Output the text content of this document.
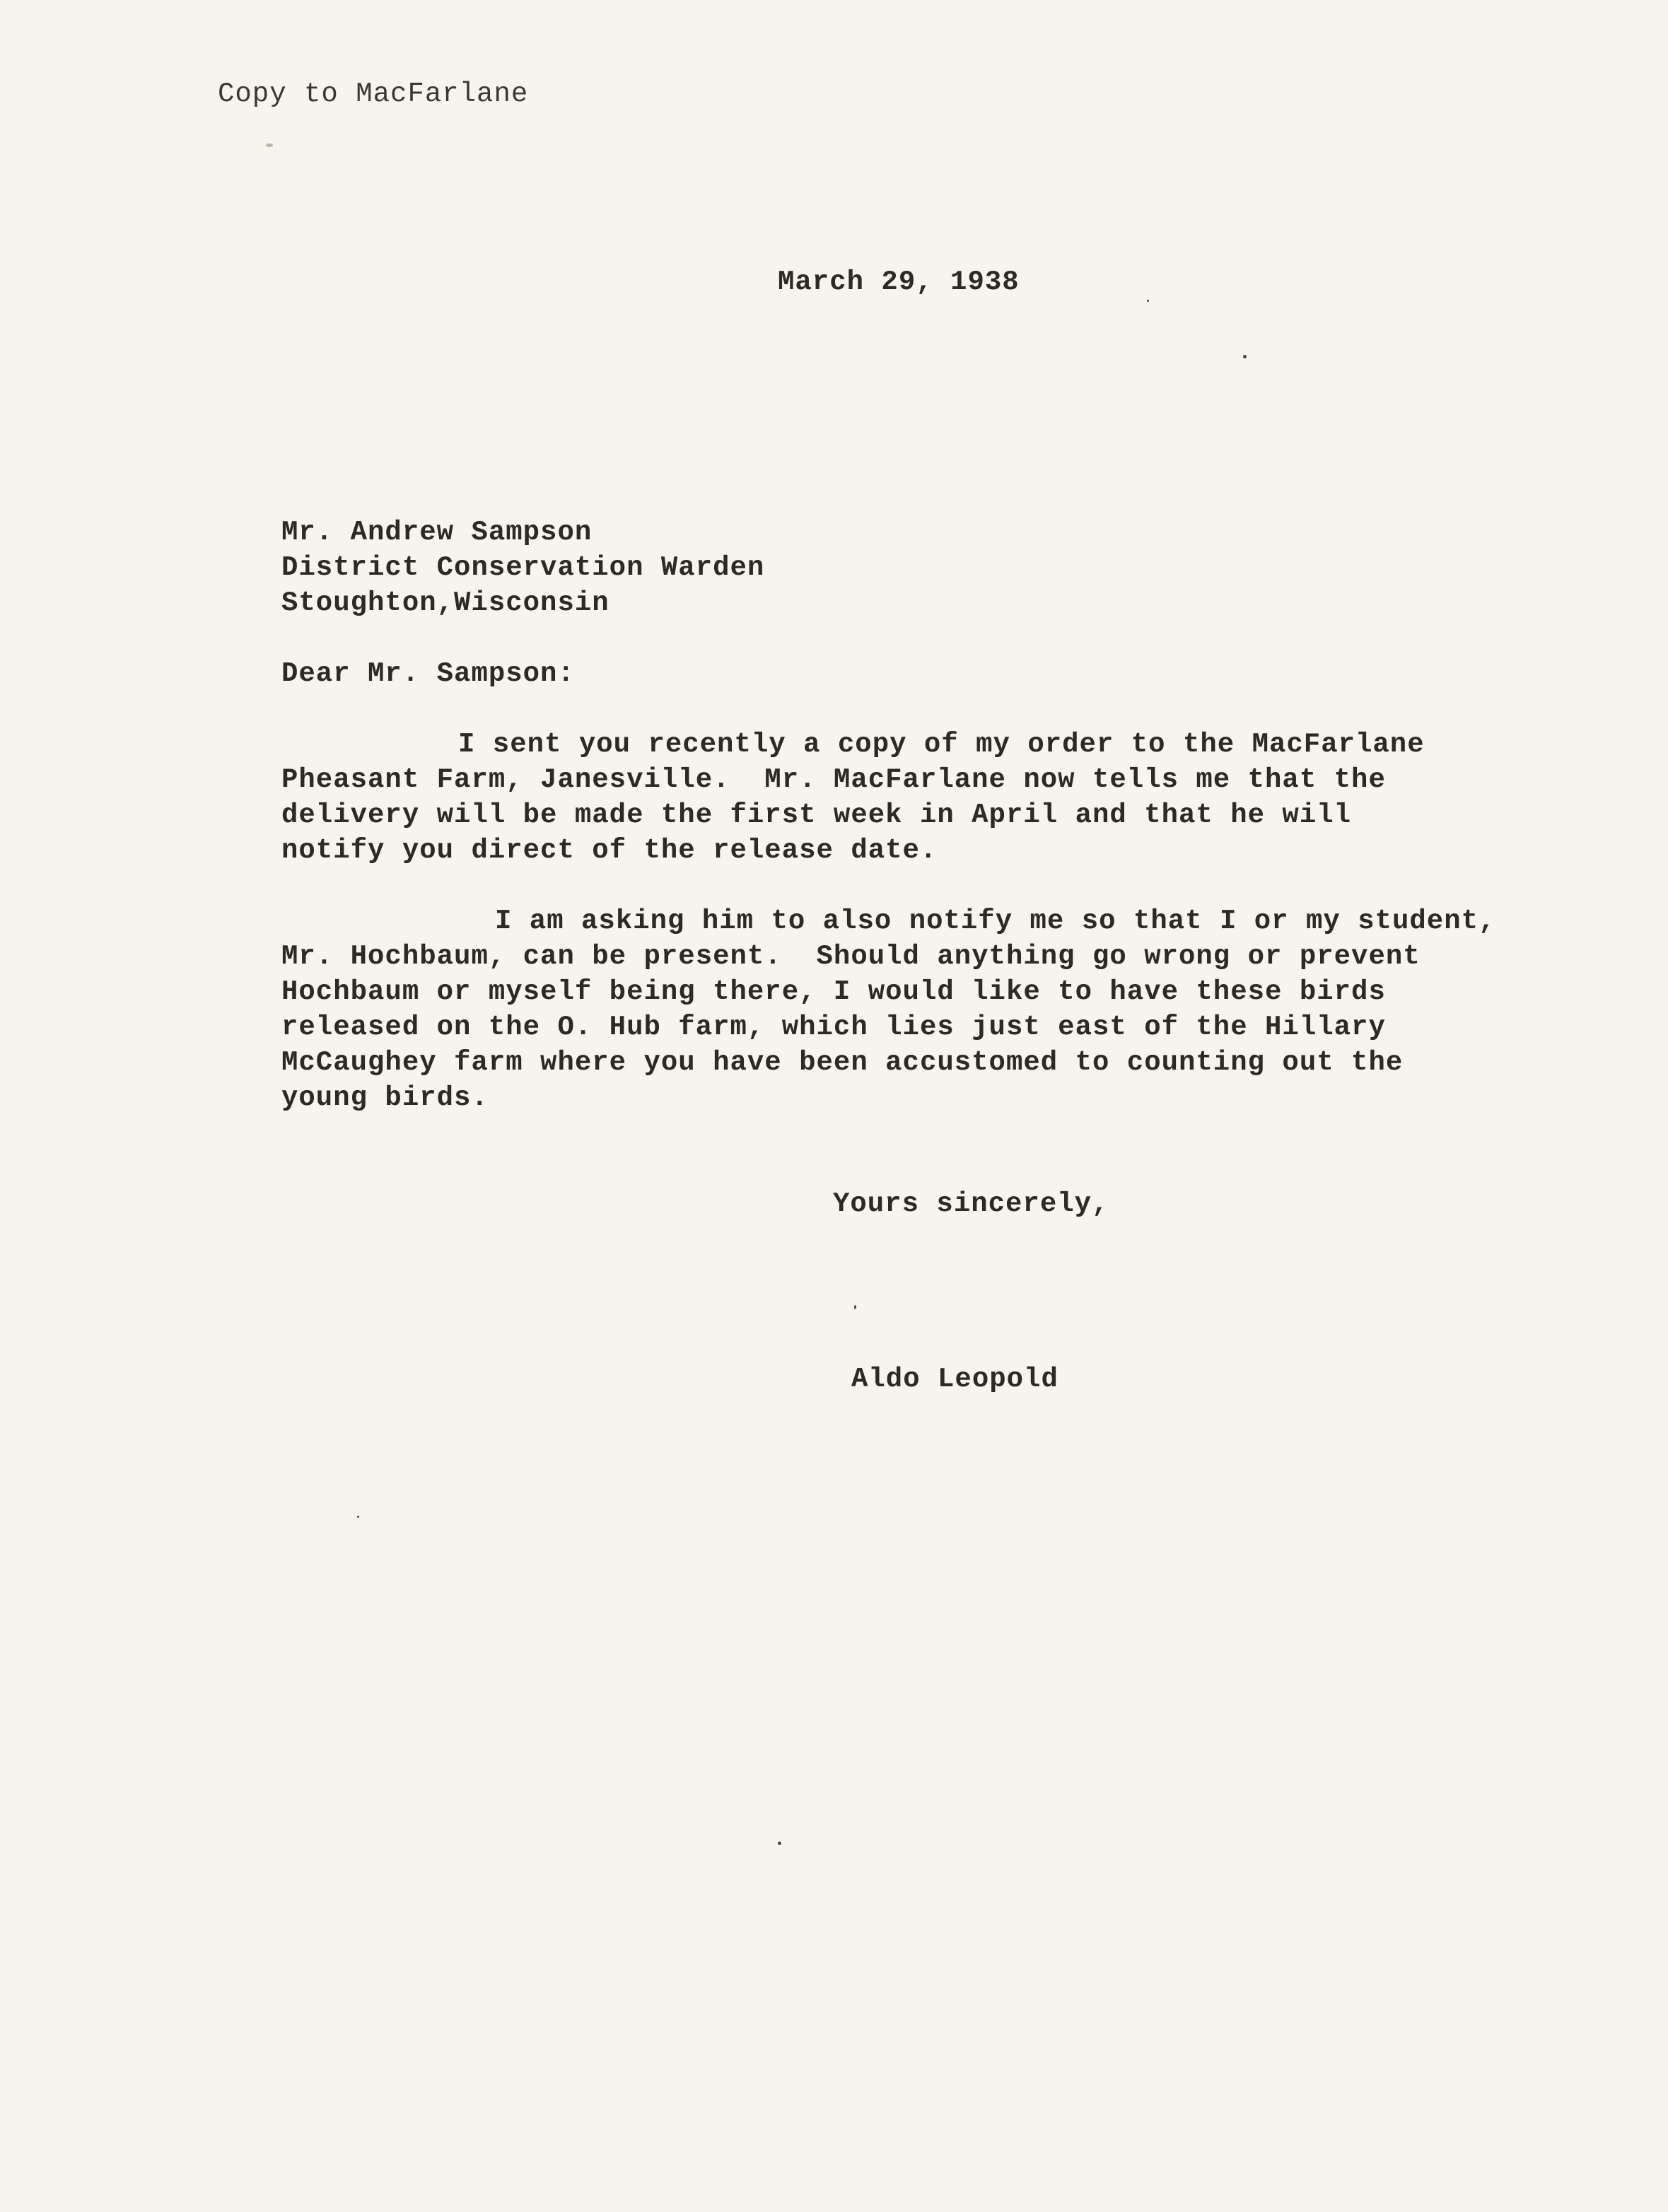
Copy to MacFarlane
March 29, 1938
Mr. Andrew Sampson
District Conservation Warden
Stoughton,Wisconsin
Dear Mr. Sampson:
I sent you recently a copy of my order to the MacFarlane
Pheasant Farm, Janesville.  Mr. MacFarlane now tells me that the
delivery will be made the first week in April and that he will
notify you direct of the release date.
I am asking him to also notify me so that I or my student,
Mr. Hochbaum, can be present.  Should anything go wrong or prevent
Hochbaum or myself being there, I would like to have these birds
released on the O. Hub farm, which lies just east of the Hillary
McCaughey farm where you have been accustomed to counting out the
young birds.
Yours sincerely,
Aldo Leopold
